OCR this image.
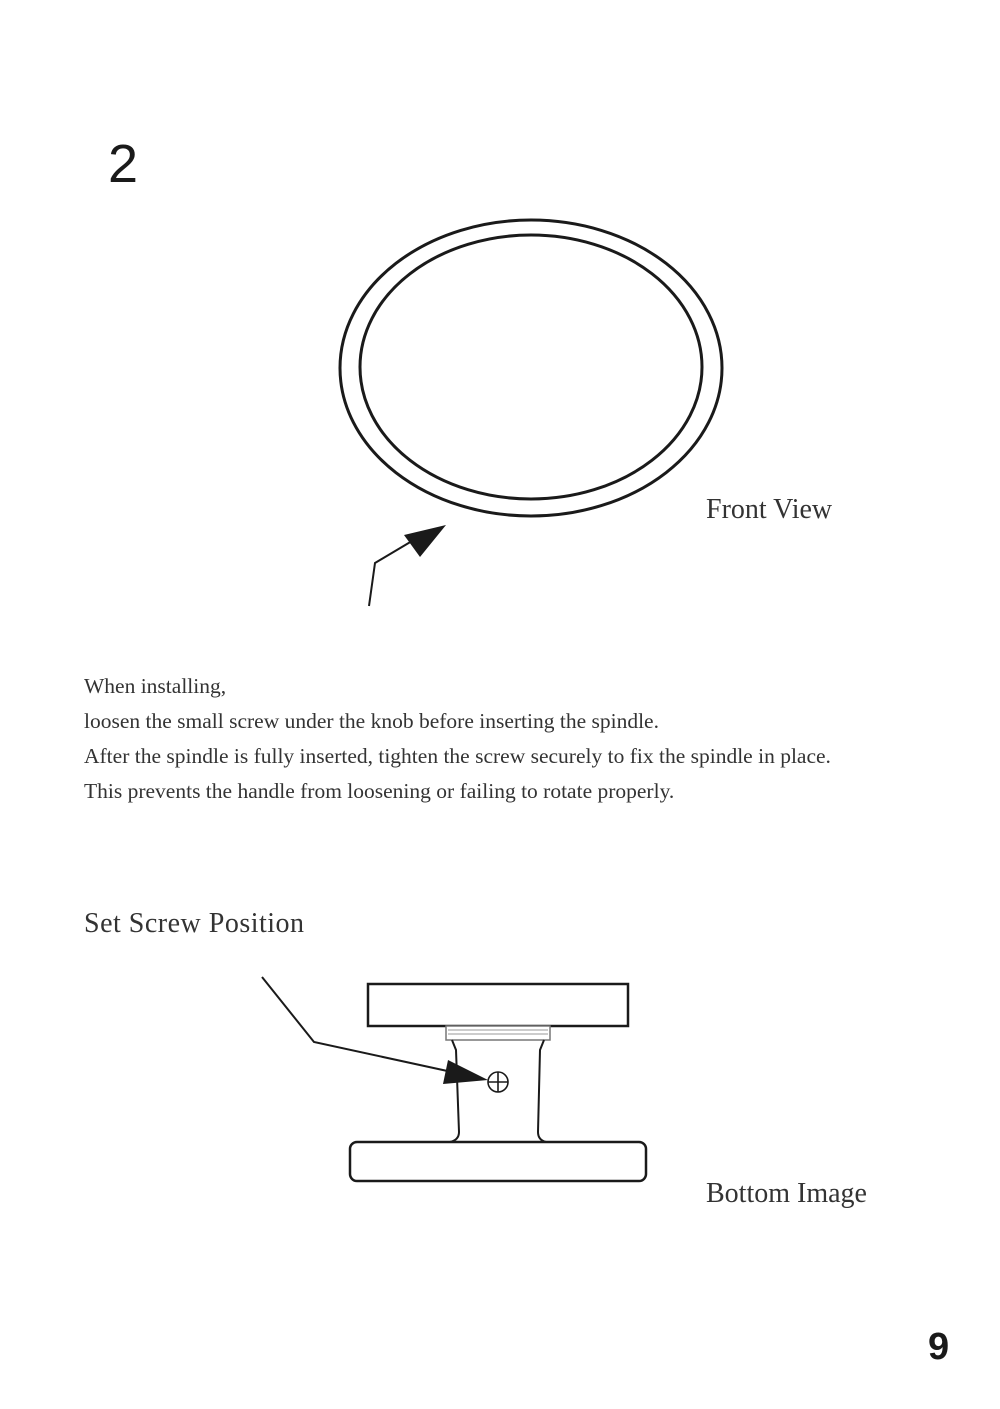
2
Front View

When installing,

loosen the small screw under the knob before inserting the spindle.

After the spindle is fully inserted, tighten the screw securely to fix the spindle in place.

This prevents the handle from loosening or failing to rotate properly.

Set Screw Position
Bottom Image
9
